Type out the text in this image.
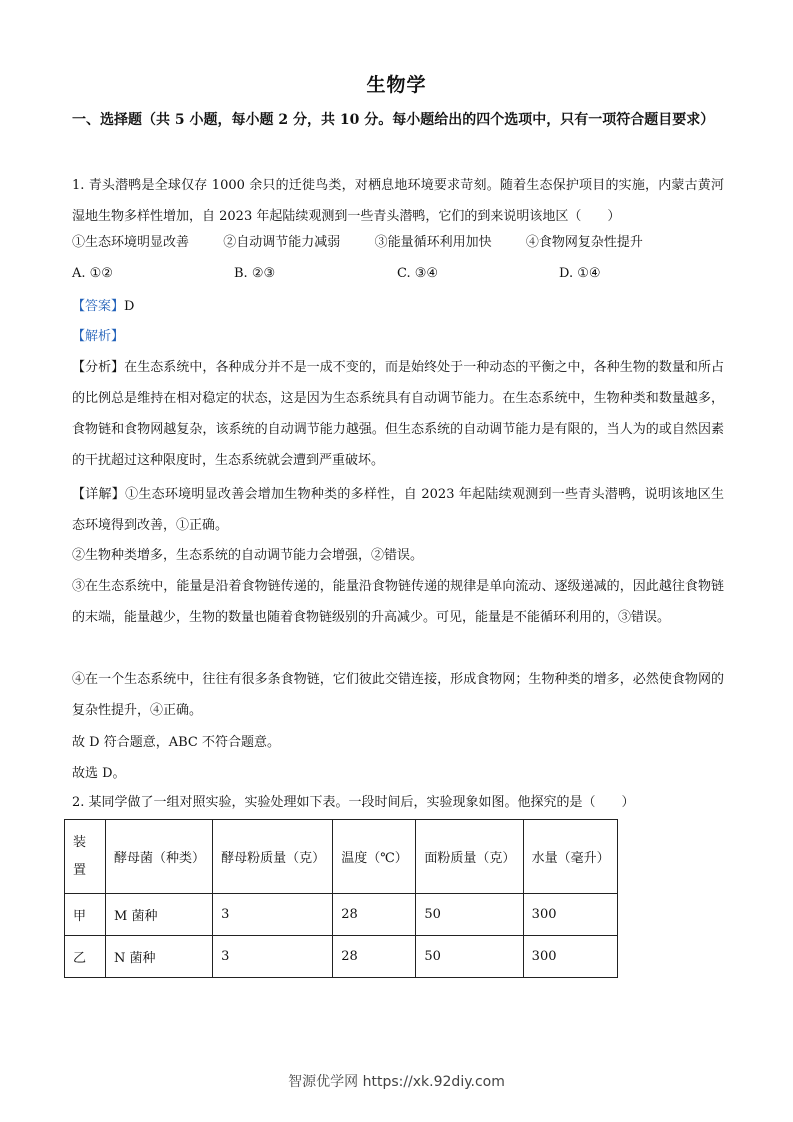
生物学
一、选择题（共 5 小题，每小题 2 分，共 10 分。每小题给出的四个选项中，只有一项符合题目要求）
1. 青头潜鸭是全球仅存 1000 余只的迁徙鸟类，对栖息地环境要求苛刻。随着生态保护项目的实施，内蒙古黄河湿地生物多样性增加，自 2023 年起陆续观测到一些青头潜鸭，它们的到来说明该地区（　　）
①生态环境明显改善	②自动调节能力减弱	③能量循环利用加快	④食物网复杂性提升
A. ①②	B. ②③	C. ③④	D. ①④
【答案】D
【解析】
【分析】在生态系统中，各种成分并不是一成不变的，而是始终处于一种动态的平衡之中，各种生物的数量和所占的比例总是维持在相对稳定的状态，这是因为生态系统具有自动调节能力。在生态系统中，生物种类和数量越多，食物链和食物网越复杂，该系统的自动调节能力越强。但生态系统的自动调节能力是有限的，当人为的或自然因素的干扰超过这种限度时，生态系统就会遭到严重破坏。
【详解】①生态环境明显改善会增加生物种类的多样性，自 2023 年起陆续观测到一些青头潜鸭，说明该地区生态环境得到改善，①正确。
②生物种类增多，生态系统的自动调节能力会增强，②错误。
③在生态系统中，能量是沿着食物链传递的，能量沿食物链传递的规律是单向流动、逐级递减的，因此越往食物链的末端，能量越少，生物的数量也随着食物链级别的升高减少。可见，能量是不能循环利用的，③错误。
④在一个生态系统中，往往有很多条食物链，它们彼此交错连接，形成食物网；生物种类的增多，必然使食物网的复杂性提升，④正确。
故 D 符合题意，ABC 不符合题意。
故选 D。
2. 某同学做了一组对照实验，实验处理如下表。一段时间后，实验现象如图。他探究的是（　　）
装置	酵母菌（种类）	酵母粉质量（克）	温度（℃）	面粉质量（克）	水量（毫升）
甲	M 菌种	3	28	50	300
乙	N 菌种	3	28	50	300
智源优学网 https://xk.92diy.com
